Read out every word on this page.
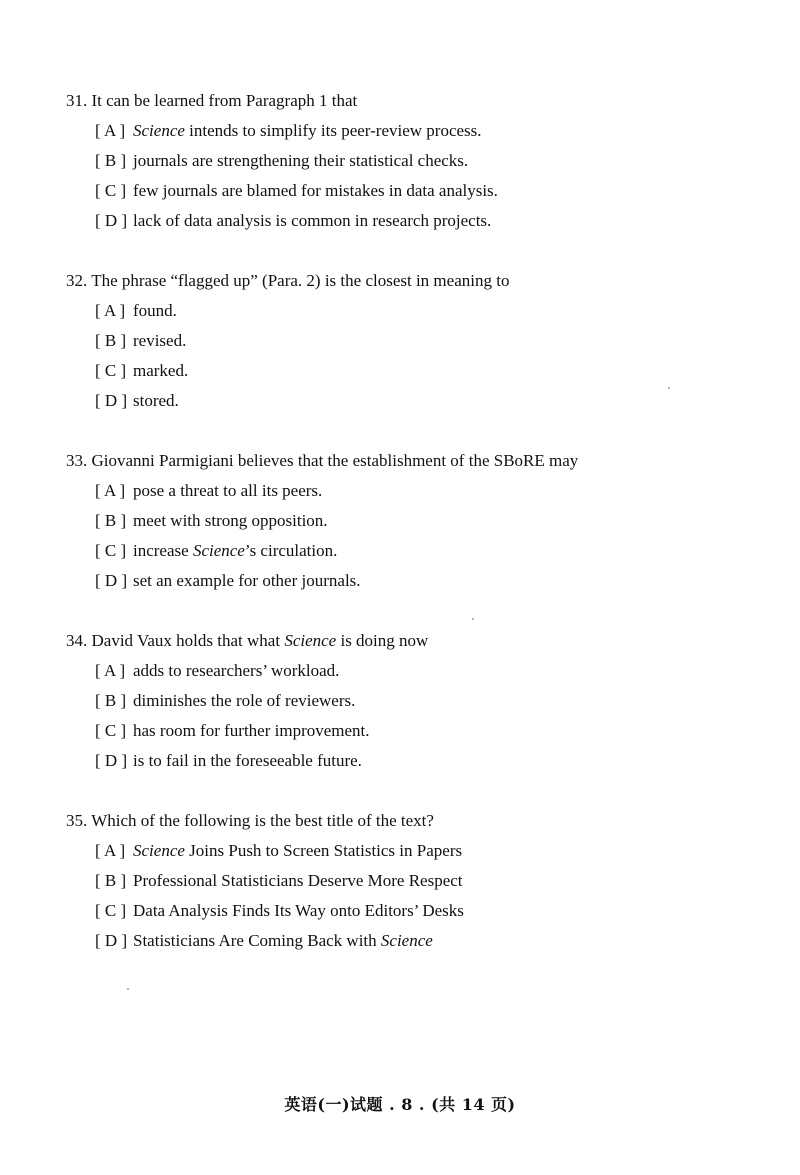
31. It can be learned from Paragraph 1 that
[ A ] Science intends to simplify its peer-review process.
[ B ] journals are strengthening their statistical checks.
[ C ] few journals are blamed for mistakes in data analysis.
[ D ] lack of data analysis is common in research projects.
32. The phrase “flagged up” (Para. 2) is the closest in meaning to
[ A ] found.
[ B ] revised.
[ C ] marked.
[ D ] stored.
33. Giovanni Parmigiani believes that the establishment of the SBoRE may
[ A ] pose a threat to all its peers.
[ B ] meet with strong opposition.
[ C ] increase Science’s circulation.
[ D ] set an example for other journals.
34. David Vaux holds that what Science is doing now
[ A ] adds to researchers’ workload.
[ B ] diminishes the role of reviewers.
[ C ] has room for further improvement.
[ D ] is to fail in the foreseeable future.
35. Which of the following is the best title of the text?
[ A ] Science Joins Push to Screen Statistics in Papers
[ B ] Professional Statisticians Deserve More Respect
[ C ] Data Analysis Finds Its Way onto Editors’ Desks
[ D ] Statisticians Are Coming Back with Science
英语(一)试题 . 8 . (共 14 页)
